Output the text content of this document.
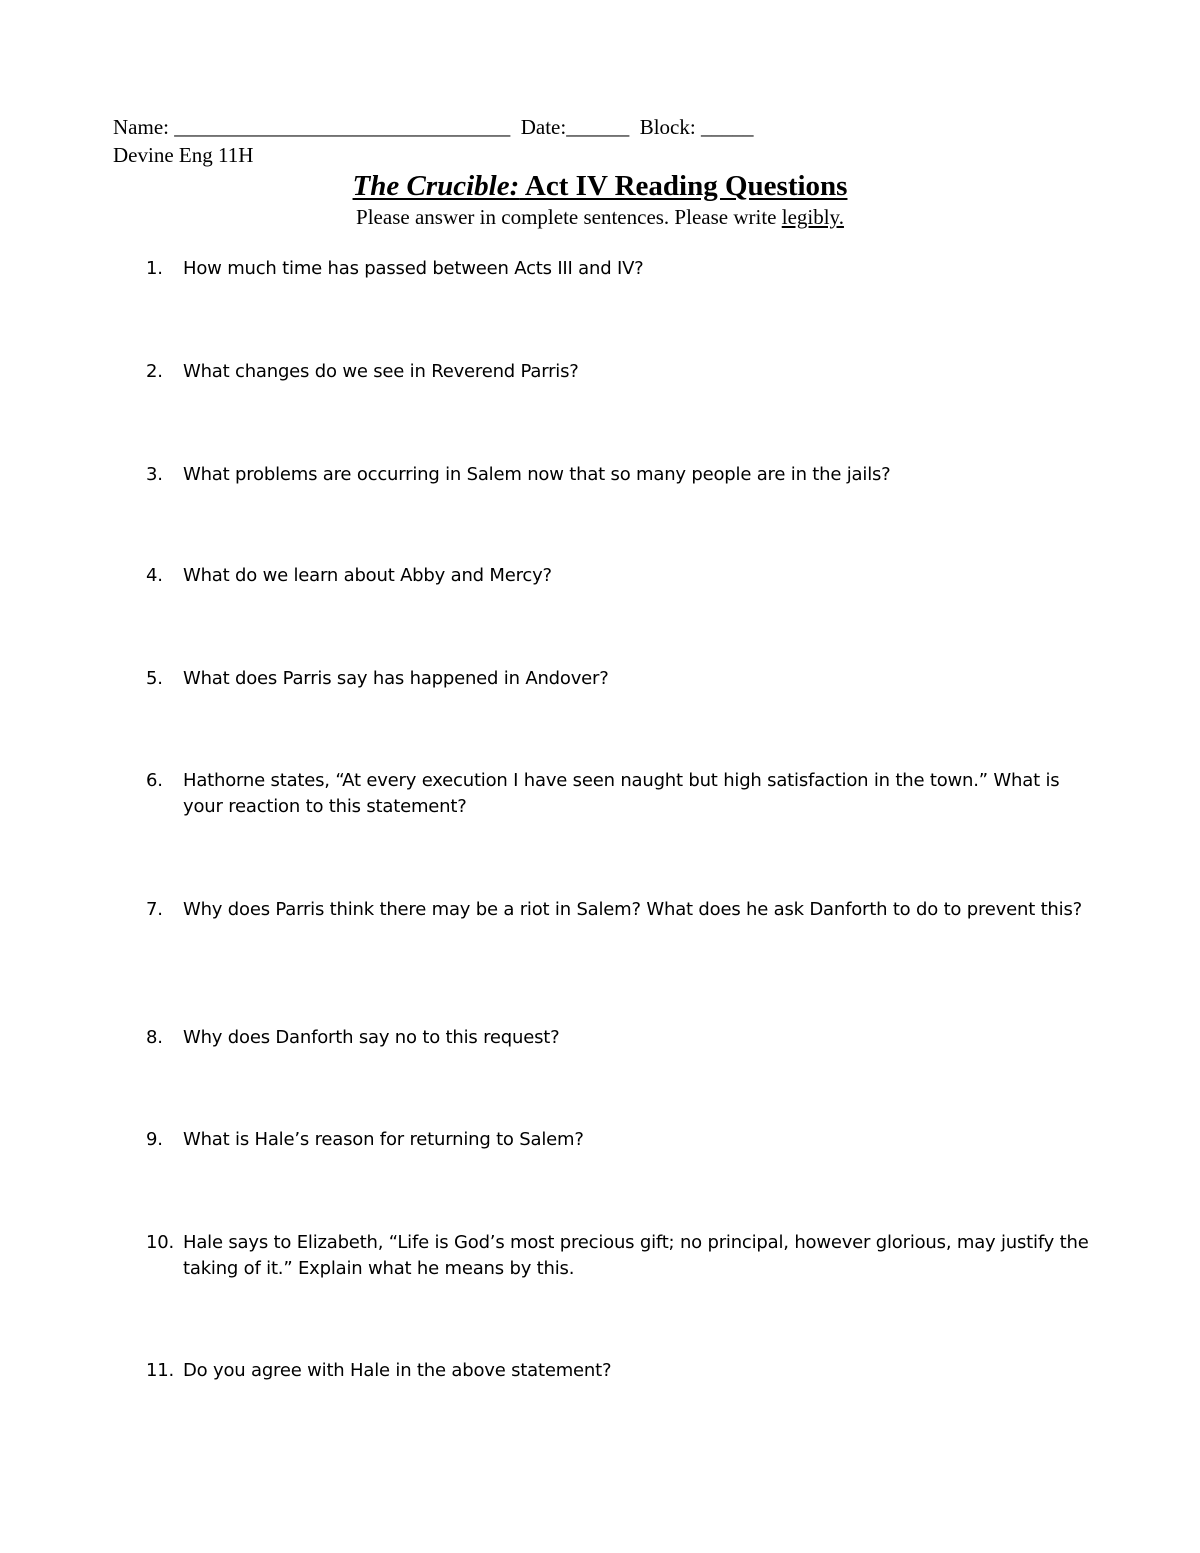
Name: ________________________________  Date:______  Block: _____
Devine Eng 11H
The Crucible: Act IV Reading Questions
Please answer in complete sentences. Please write legibly.
1.	How much time has passed between Acts III and IV?
2.	What changes do we see in Reverend Parris?
3.	What problems are occurring in Salem now that so many people are in the jails?
4.	What do we learn about Abby and Mercy?
5.	What does Parris say has happened in Andover?
6.	Hathorne states, “At every execution I have seen naught but high satisfaction in the town.” What is your reaction to this statement?
7.	Why does Parris think there may be a riot in Salem? What does he ask Danforth to do to prevent this?
8.	Why does Danforth say no to this request?
9.	What is Hale’s reason for returning to Salem?
10. Hale says to Elizabeth, “Life is God’s most precious gift; no principal, however glorious, may justify the taking of it.” Explain what he means by this.
11. Do you agree with Hale in the above statement?
